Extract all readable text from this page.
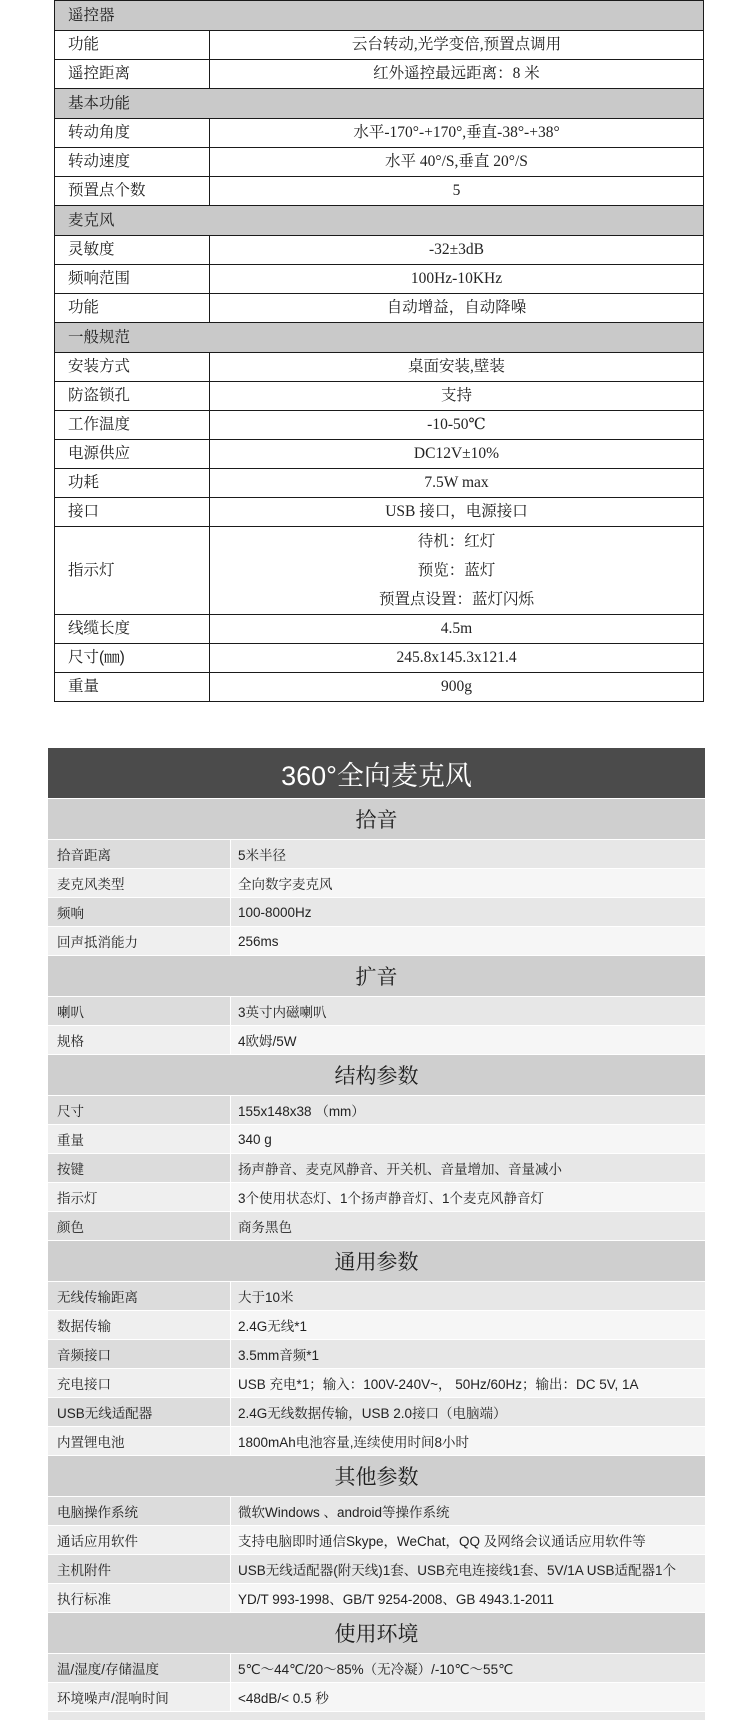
遥控器	
功能	云台转动,光学变倍,预置点调用
遥控距离	红外遥控最远距离：8 米
基本功能	
转动角度	水平-170°-+170°,垂直-38°-+38°
转动速度	水平 40°/S,垂直 20°/S
预置点个数	5
麦克风	
灵敏度	-32±3dB
频响范围	100Hz-10KHz
功能	自动增益，自动降噪
一般规范	
安装方式	桌面安装,壁装
防盗锁孔	支持
工作温度	-10-50℃
电源供应	DC12V±10%
功耗	7.5W max
接口	USB 接口，电源接口
指示灯	待机：红灯
预览：蓝灯
预置点设置：蓝灯闪烁

线缆长度	4.5m
尺寸(㎜)	245.8x145.3x121.4
重量	900g
360°全向麦克风	
拾音	
拾音距离	5米半径
麦克风类型	全向数字麦克风
频响	100-8000Hz
回声抵消能力	256ms
扩音	
喇叭	3英寸内磁喇叭
规格	4欧姆/5W
结构参数	
尺寸	155x148x38 （mm）
重量	340 g
按键	扬声静音、麦克风静音、开关机、音量增加、音量减小
指示灯	3个使用状态灯、1个扬声静音灯、1个麦克风静音灯
颜色	商务黑色
通用参数	
无线传输距离	大于10米
数据传输	2.4G无线*1
音频接口	3.5mm音频*1
充电接口	USB 充电*1；输入：100V-240V~， 50Hz/60Hz；输出：DC 5V, 1A
USB无线适配器	2.4G无线数据传输，USB 2.0接口（电脑端）
内置锂电池	1800mAh电池容量,连续使用时间8小时
其他参数	
电脑操作系统	微软Windows 、android等操作系统
通话应用软件	支持电脑即时通信Skype，WeChat，QQ 及网络会议通话应用软件等
主机附件	USB无线适配器(附天线)1套、USB充电连接线1套、5V/1A USB适配器1个
执行标准	YD/T 993-1998、GB/T 9254-2008、GB 4943.1-2011
使用环境	
温/湿度/存储温度	5℃～44℃/20～85%（无冷凝）/-10℃～55℃
环境噪声/混响时间	<48dB/< 0.5 秒
